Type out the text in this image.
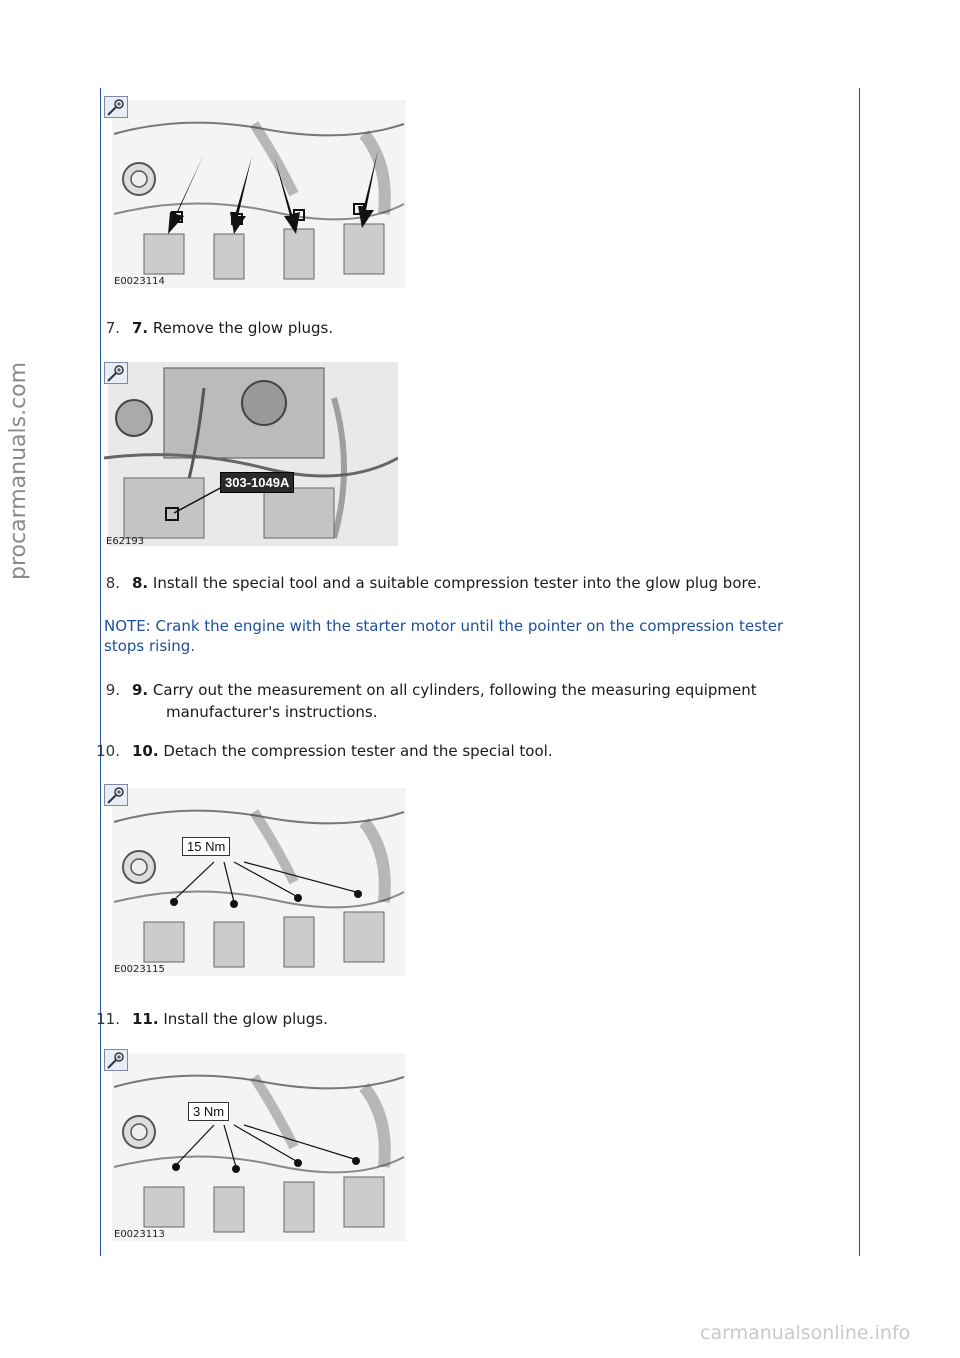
E0023114
7. 7. Remove the glow plugs.
303-1049A
E62193
8. 8. Install the special tool and a suitable compression tester into the glow plug bore.
NOTE: Crank the engine with the starter motor until the pointer on the compression tester stops rising.
9. 9. Carry out the measurement on all cylinders, following the measuring equipment
manufacturer's instructions.
10. 10. Detach the compression tester and the special tool.
15 Nm
E0023115
11. 11. Install the glow plugs.
3 Nm
E0023113
procarmanuals.com
carmanualsonline.info
